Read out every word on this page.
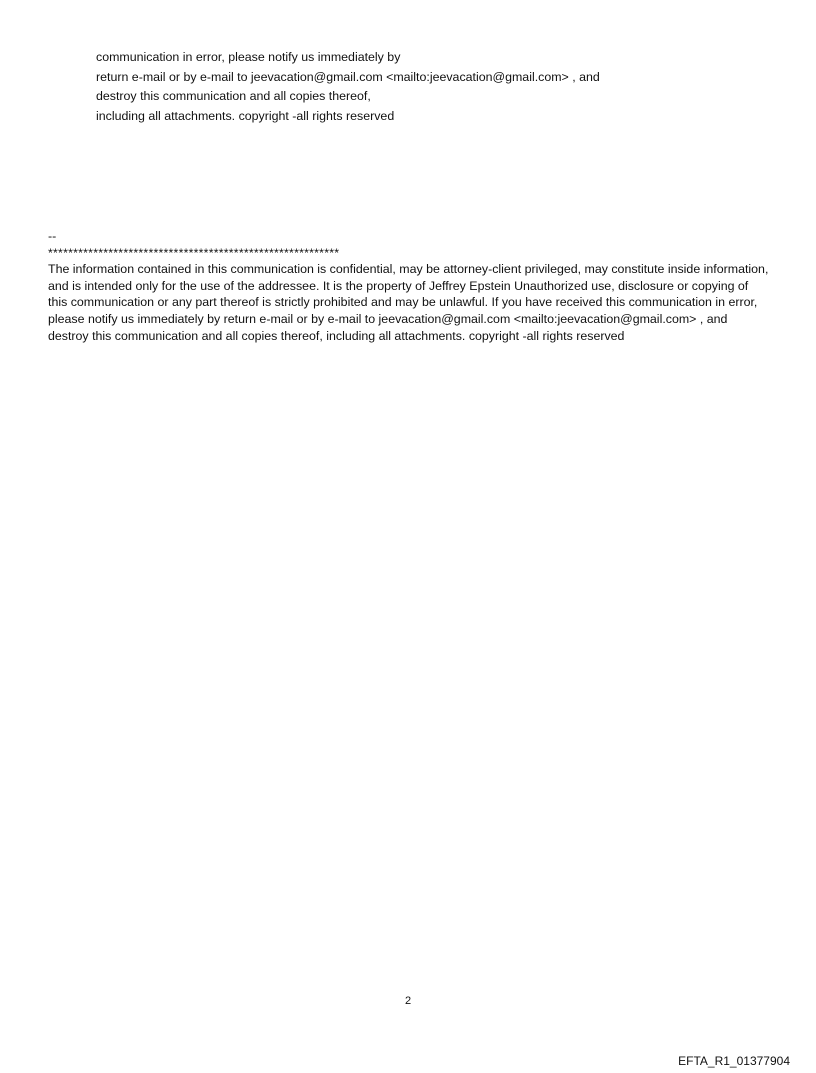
communication in error, please notify us immediately by
return e-mail or by e-mail to jeevacation@gmail.com <mailto:jeevacation@gmail.com> , and
destroy this communication and all copies thereof,
including all attachments. copyright -all rights reserved
--
**********************************************************

The information contained in this communication is confidential, may be attorney-client privileged, may constitute inside information, and is intended only for the use of the addressee. It is the property of Jeffrey Epstein Unauthorized use, disclosure or copying of this communication or any part thereof is strictly prohibited and may be unlawful. If you have received this communication in error, please notify us immediately by return e-mail or by e-mail to jeevacation@gmail.com <mailto:jeevacation@gmail.com> , and destroy this communication and all copies thereof, including all attachments. copyright -all rights reserved

2
EFTA_R1_01377904
